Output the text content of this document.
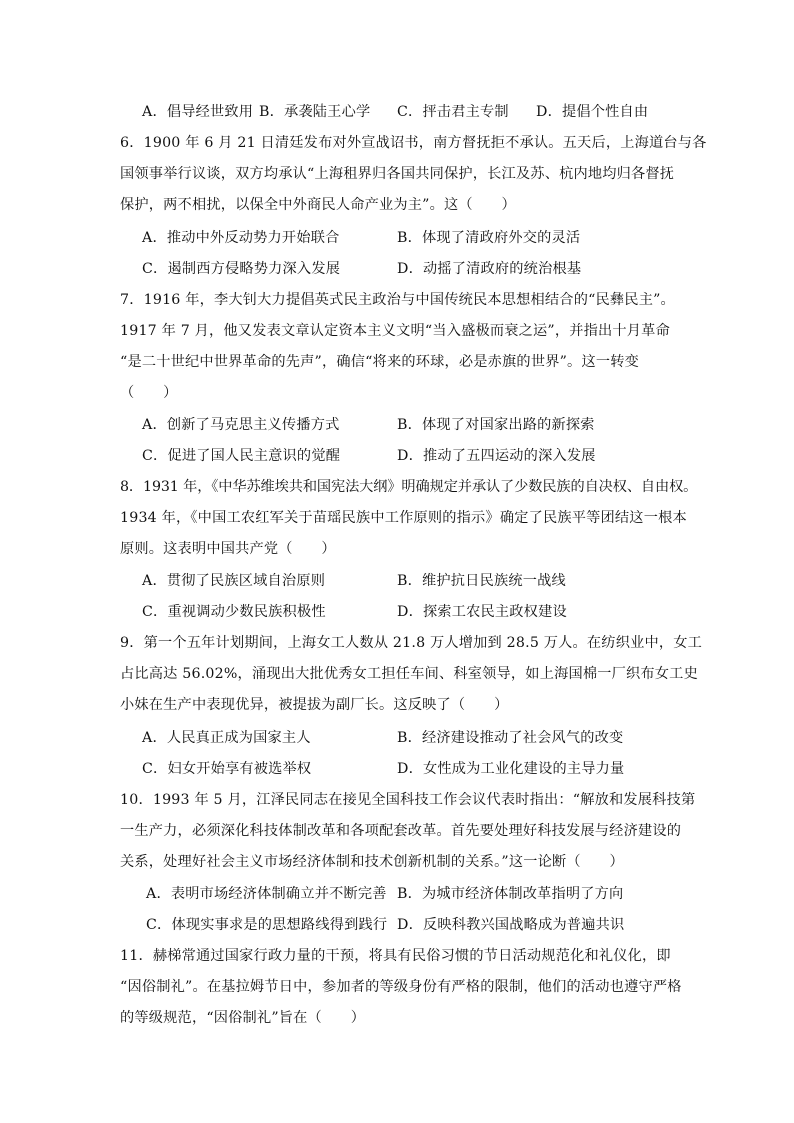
A．倡导经世致用 B．承袭陆王心学 C．抨击君主专制 D．提倡个性自由
6．1900 年 6 月 21 日清廷发布对外宣战诏书，南方督抚拒不承认。五天后，上海道台与各
国领事举行议谈，双方均承认“上海租界归各国共同保护，长江及苏、杭内地均归各督抚
保护，两不相扰，以保全中外商民人命产业为主”。这（　　）
A．推动中外反动势力开始联合	B．体现了清政府外交的灵活
C．遏制西方侵略势力深入发展	D．动摇了清政府的统治根基
7．1916 年，李大钊大力提倡英式民主政治与中国传统民本思想相结合的“民彝民主”。
1917 年 7 月，他又发表文章认定资本主义文明“当入盛极而衰之运”，并指出十月革命
“是二十世纪中世界革命的先声”，确信“将来的环球，必是赤旗的世界”。这一转变
（　　）
A．创新了马克思主义传播方式	B．体现了对国家出路的新探索
C．促进了国人民主意识的觉醒	D．推动了五四运动的深入发展
8．1931 年，《中华苏维埃共和国宪法大纲》明确规定并承认了少数民族的自决权、自由权。
1934 年，《中国工农红军关于苗瑶民族中工作原则的指示》确定了民族平等团结这一根本
原则。这表明中国共产党（　　）
A．贯彻了民族区域自治原则	B．维护抗日民族统一战线
C．重视调动少数民族积极性	D．探索工农民主政权建设
9．第一个五年计划期间，上海女工人数从 21.8 万人增加到 28.5 万人。在纺织业中，女工
占比高达 56.02%，涌现出大批优秀女工担任车间、科室领导，如上海国棉一厂织布女工史
小妹在生产中表现优异，被提拔为副厂长。这反映了（　　）
A．人民真正成为国家主人	B．经济建设推动了社会风气的改变
C．妇女开始享有被选举权	D．女性成为工业化建设的主导力量
10．1993 年 5 月，江泽民同志在接见全国科技工作会议代表时指出：“解放和发展科技第
一生产力，必须深化科技体制改革和各项配套改革。首先要处理好科技发展与经济建设的
关系，处理好社会主义市场经济体制和技术创新机制的关系。”这一论断（　　）
A．表明市场经济体制确立并不断完善 B．为城市经济体制改革指明了方向
C．体现实事求是的思想路线得到践行 D．反映科教兴国战略成为普遍共识
11．赫梯常通过国家行政力量的干预，将具有民俗习惯的节日活动规范化和礼仪化，即
“因俗制礼”。在基拉姆节日中，参加者的等级身份有严格的限制，他们的活动也遵守严格
的等级规范，“因俗制礼”旨在（　　）
